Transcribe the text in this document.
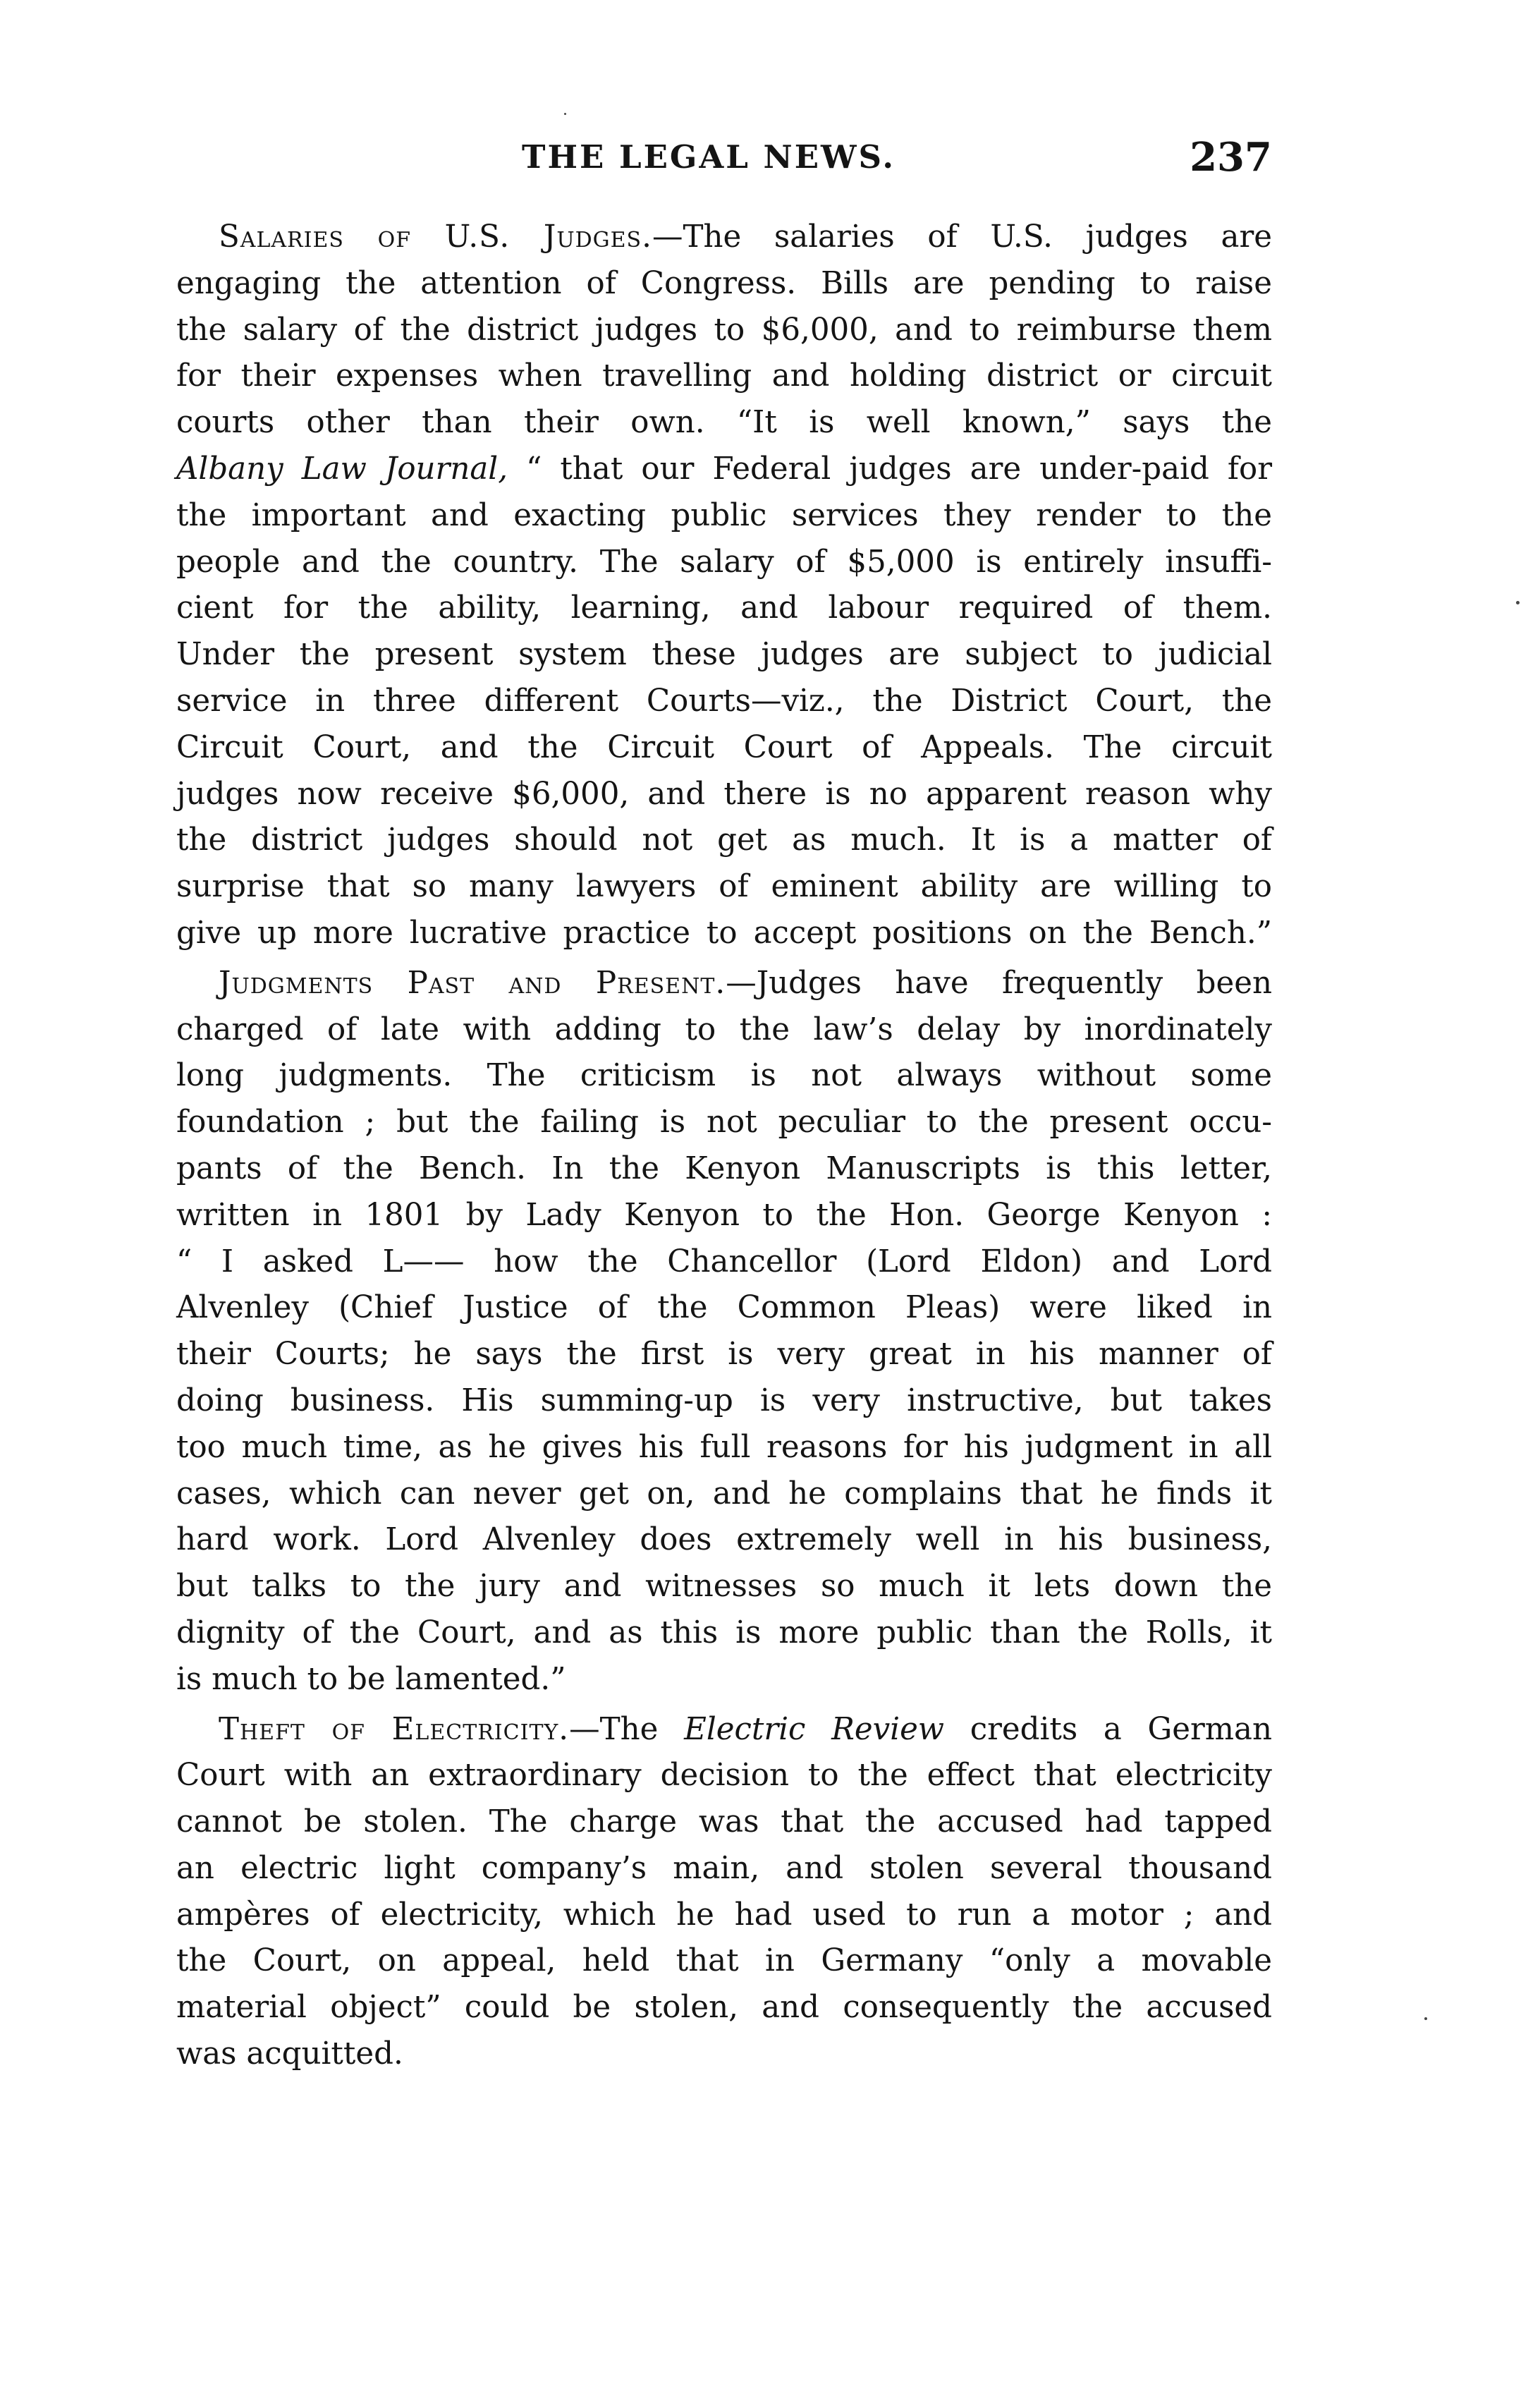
THE LEGAL NEWS.	237
Salaries of U.S. Judges.—The salaries of U.S. judges are
engaging the attention of Congress. Bills are pending to raise
the salary of the district judges to $6,000, and to reimburse them
for their expenses when travelling and holding district or circuit
courts other than their own. “It is well known,” says the
Albany Law Journal, “ that our Federal judges are under-paid for
the important and exacting public services they render to the
people and the country. The salary of $5,000 is entirely insuffi-
cient for the ability, learning, and labour required of them.
Under the present system these judges are subject to judicial
service in three different Courts—viz., the District Court, the
Circuit Court, and the Circuit Court of Appeals. The circuit
judges now receive $6,000, and there is no apparent reason why
the district judges should not get as much. It is a matter of
surprise that so many lawyers of eminent ability are willing to
give up more lucrative practice to accept positions on the Bench.”
Judgments Past and Present.—Judges have frequently been
charged of late with adding to the law’s delay by inordinately
long judgments. The criticism is not always without some
foundation ; but the failing is not peculiar to the present occu-
pants of the Bench. In the Kenyon Manuscripts is this letter,
written in 1801 by Lady Kenyon to the Hon. George Kenyon :
“ I asked L—— how the Chancellor (Lord Eldon) and Lord
Alvenley (Chief Justice of the Common Pleas) were liked in
their Courts; he says the first is very great in his manner of
doing business. His summing-up is very instructive, but takes
too much time, as he gives his full reasons for his judgment in all
cases, which can never get on, and he complains that he finds it
hard work. Lord Alvenley does extremely well in his business,
but talks to the jury and witnesses so much it lets down the
dignity of the Court, and as this is more public than the Rolls, it
is much to be lamented.”
Theft of Electricity.—The Electric Review credits a German
Court with an extraordinary decision to the effect that electricity
cannot be stolen. The charge was that the accused had tapped
an electric light company’s main, and stolen several thousand
ampères of electricity, which he had used to run a motor ; and
the Court, on appeal, held that in Germany “only a movable
material object” could be stolen, and consequently the accused
was acquitted.
